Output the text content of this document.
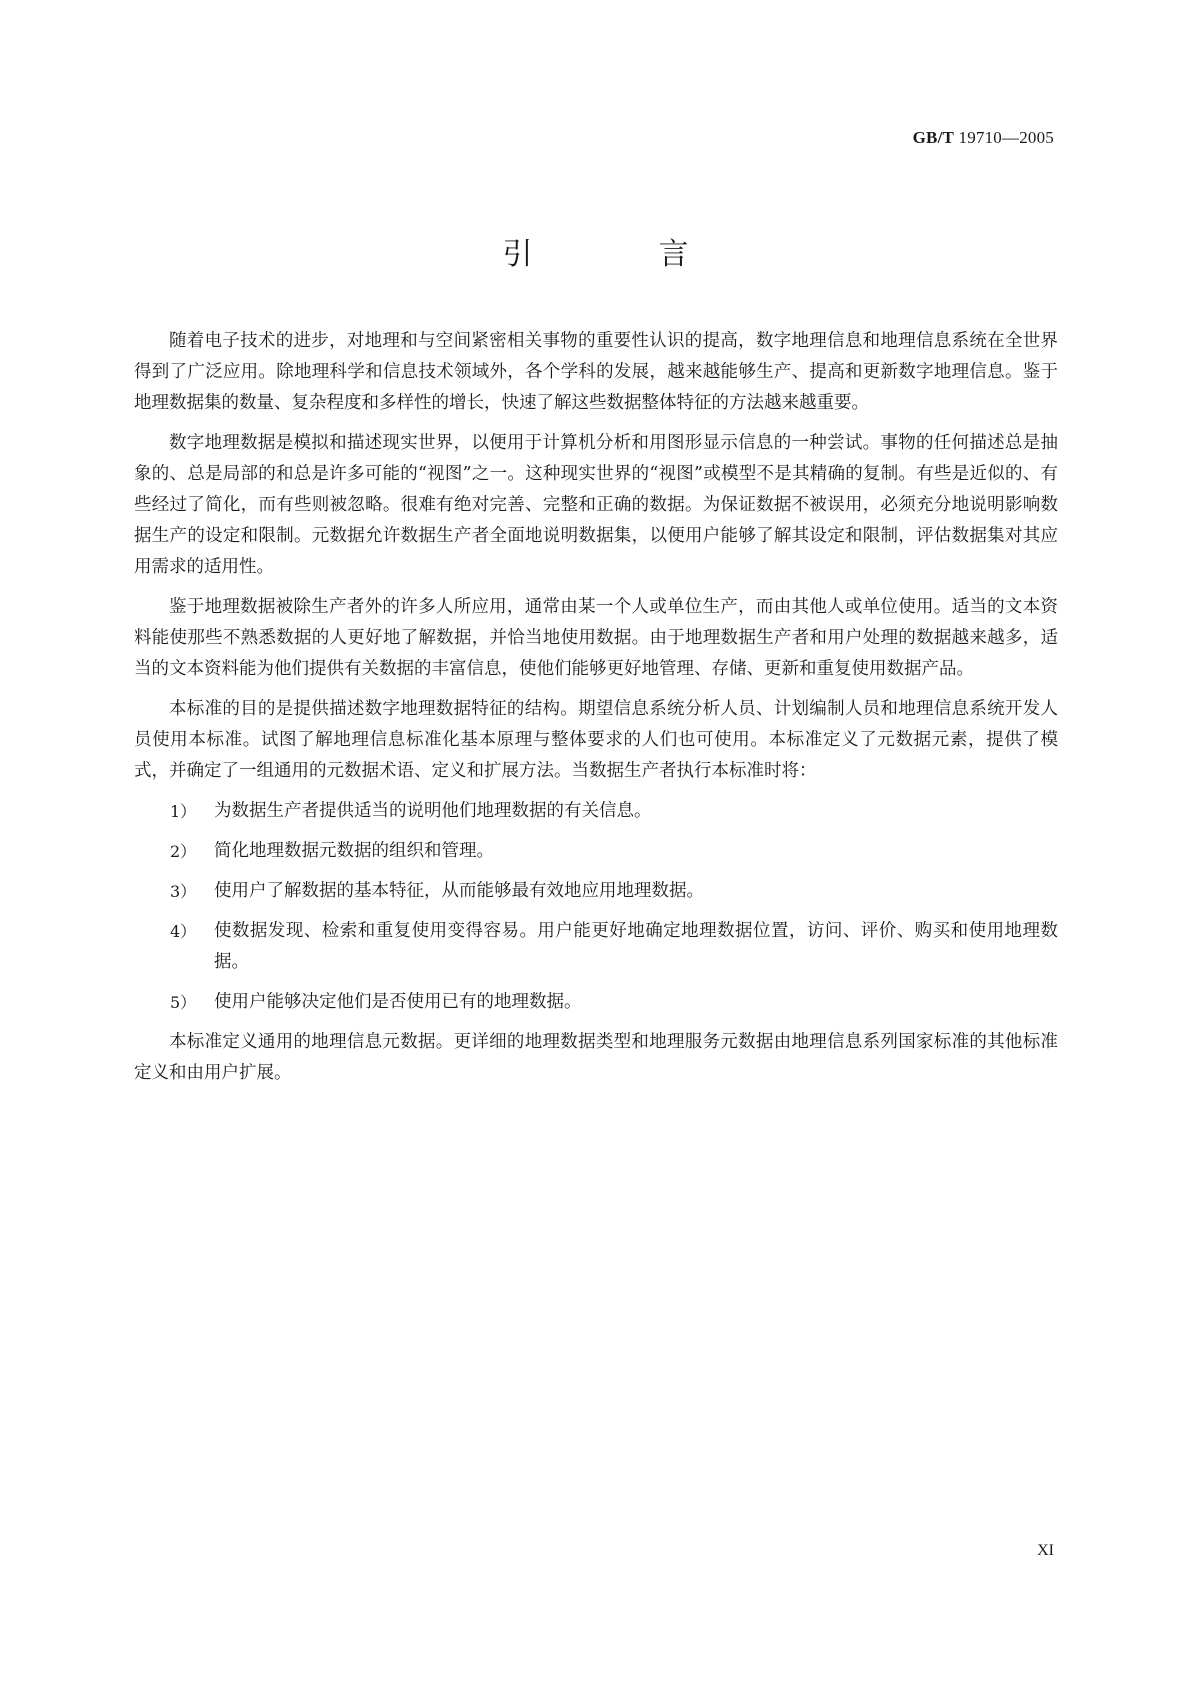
GB/T 19710—2005
引　言

随着电子技术的进步，对地理和与空间紧密相关事物的重要性认识的提高，数字地理信息和地理信息系统在全世界得到了广泛应用。除地理科学和信息技术领域外，各个学科的发展，越来越能够生产、提高和更新数字地理信息。鉴于地理数据集的数量、复杂程度和多样性的增长，快速了解这些数据整体特征的方法越来越重要。

数字地理数据是模拟和描述现实世界，以便用于计算机分析和用图形显示信息的一种尝试。事物的任何描述总是抽象的、总是局部的和总是许多可能的“视图”之一。这种现实世界的“视图”或模型不是其精确的复制。有些是近似的、有些经过了简化，而有些则被忽略。很难有绝对完善、完整和正确的数据。为保证数据不被误用，必须充分地说明影响数据生产的设定和限制。元数据允许数据生产者全面地说明数据集，以便用户能够了解其设定和限制，评估数据集对其应用需求的适用性。

鉴于地理数据被除生产者外的许多人所应用，通常由某一个人或单位生产，而由其他人或单位使用。适当的文本资料能使那些不熟悉数据的人更好地了解数据，并恰当地使用数据。由于地理数据生产者和用户处理的数据越来越多，适当的文本资料能为他们提供有关数据的丰富信息，使他们能够更好地管理、存储、更新和重复使用数据产品。

本标准的目的是提供描述数字地理数据特征的结构。期望信息系统分析人员、计划编制人员和地理信息系统开发人员使用本标准。试图了解地理信息标准化基本原理与整体要求的人们也可使用。本标准定义了元数据元素，提供了模式，并确定了一组通用的元数据术语、定义和扩展方法。当数据生产者执行本标准时将：

1）	为数据生产者提供适当的说明他们地理数据的有关信息。
2）	简化地理数据元数据的组织和管理。
3）	使用户了解数据的基本特征，从而能够最有效地应用地理数据。
4）	使数据发现、检索和重复使用变得容易。用户能更好地确定地理数据位置，访问、评价、购买和使用地理数据。
5）	使用户能够决定他们是否使用已有的地理数据。

本标准定义通用的地理信息元数据。更详细的地理数据类型和地理服务元数据由地理信息系列国家标准的其他标准定义和由用户扩展。

XI
